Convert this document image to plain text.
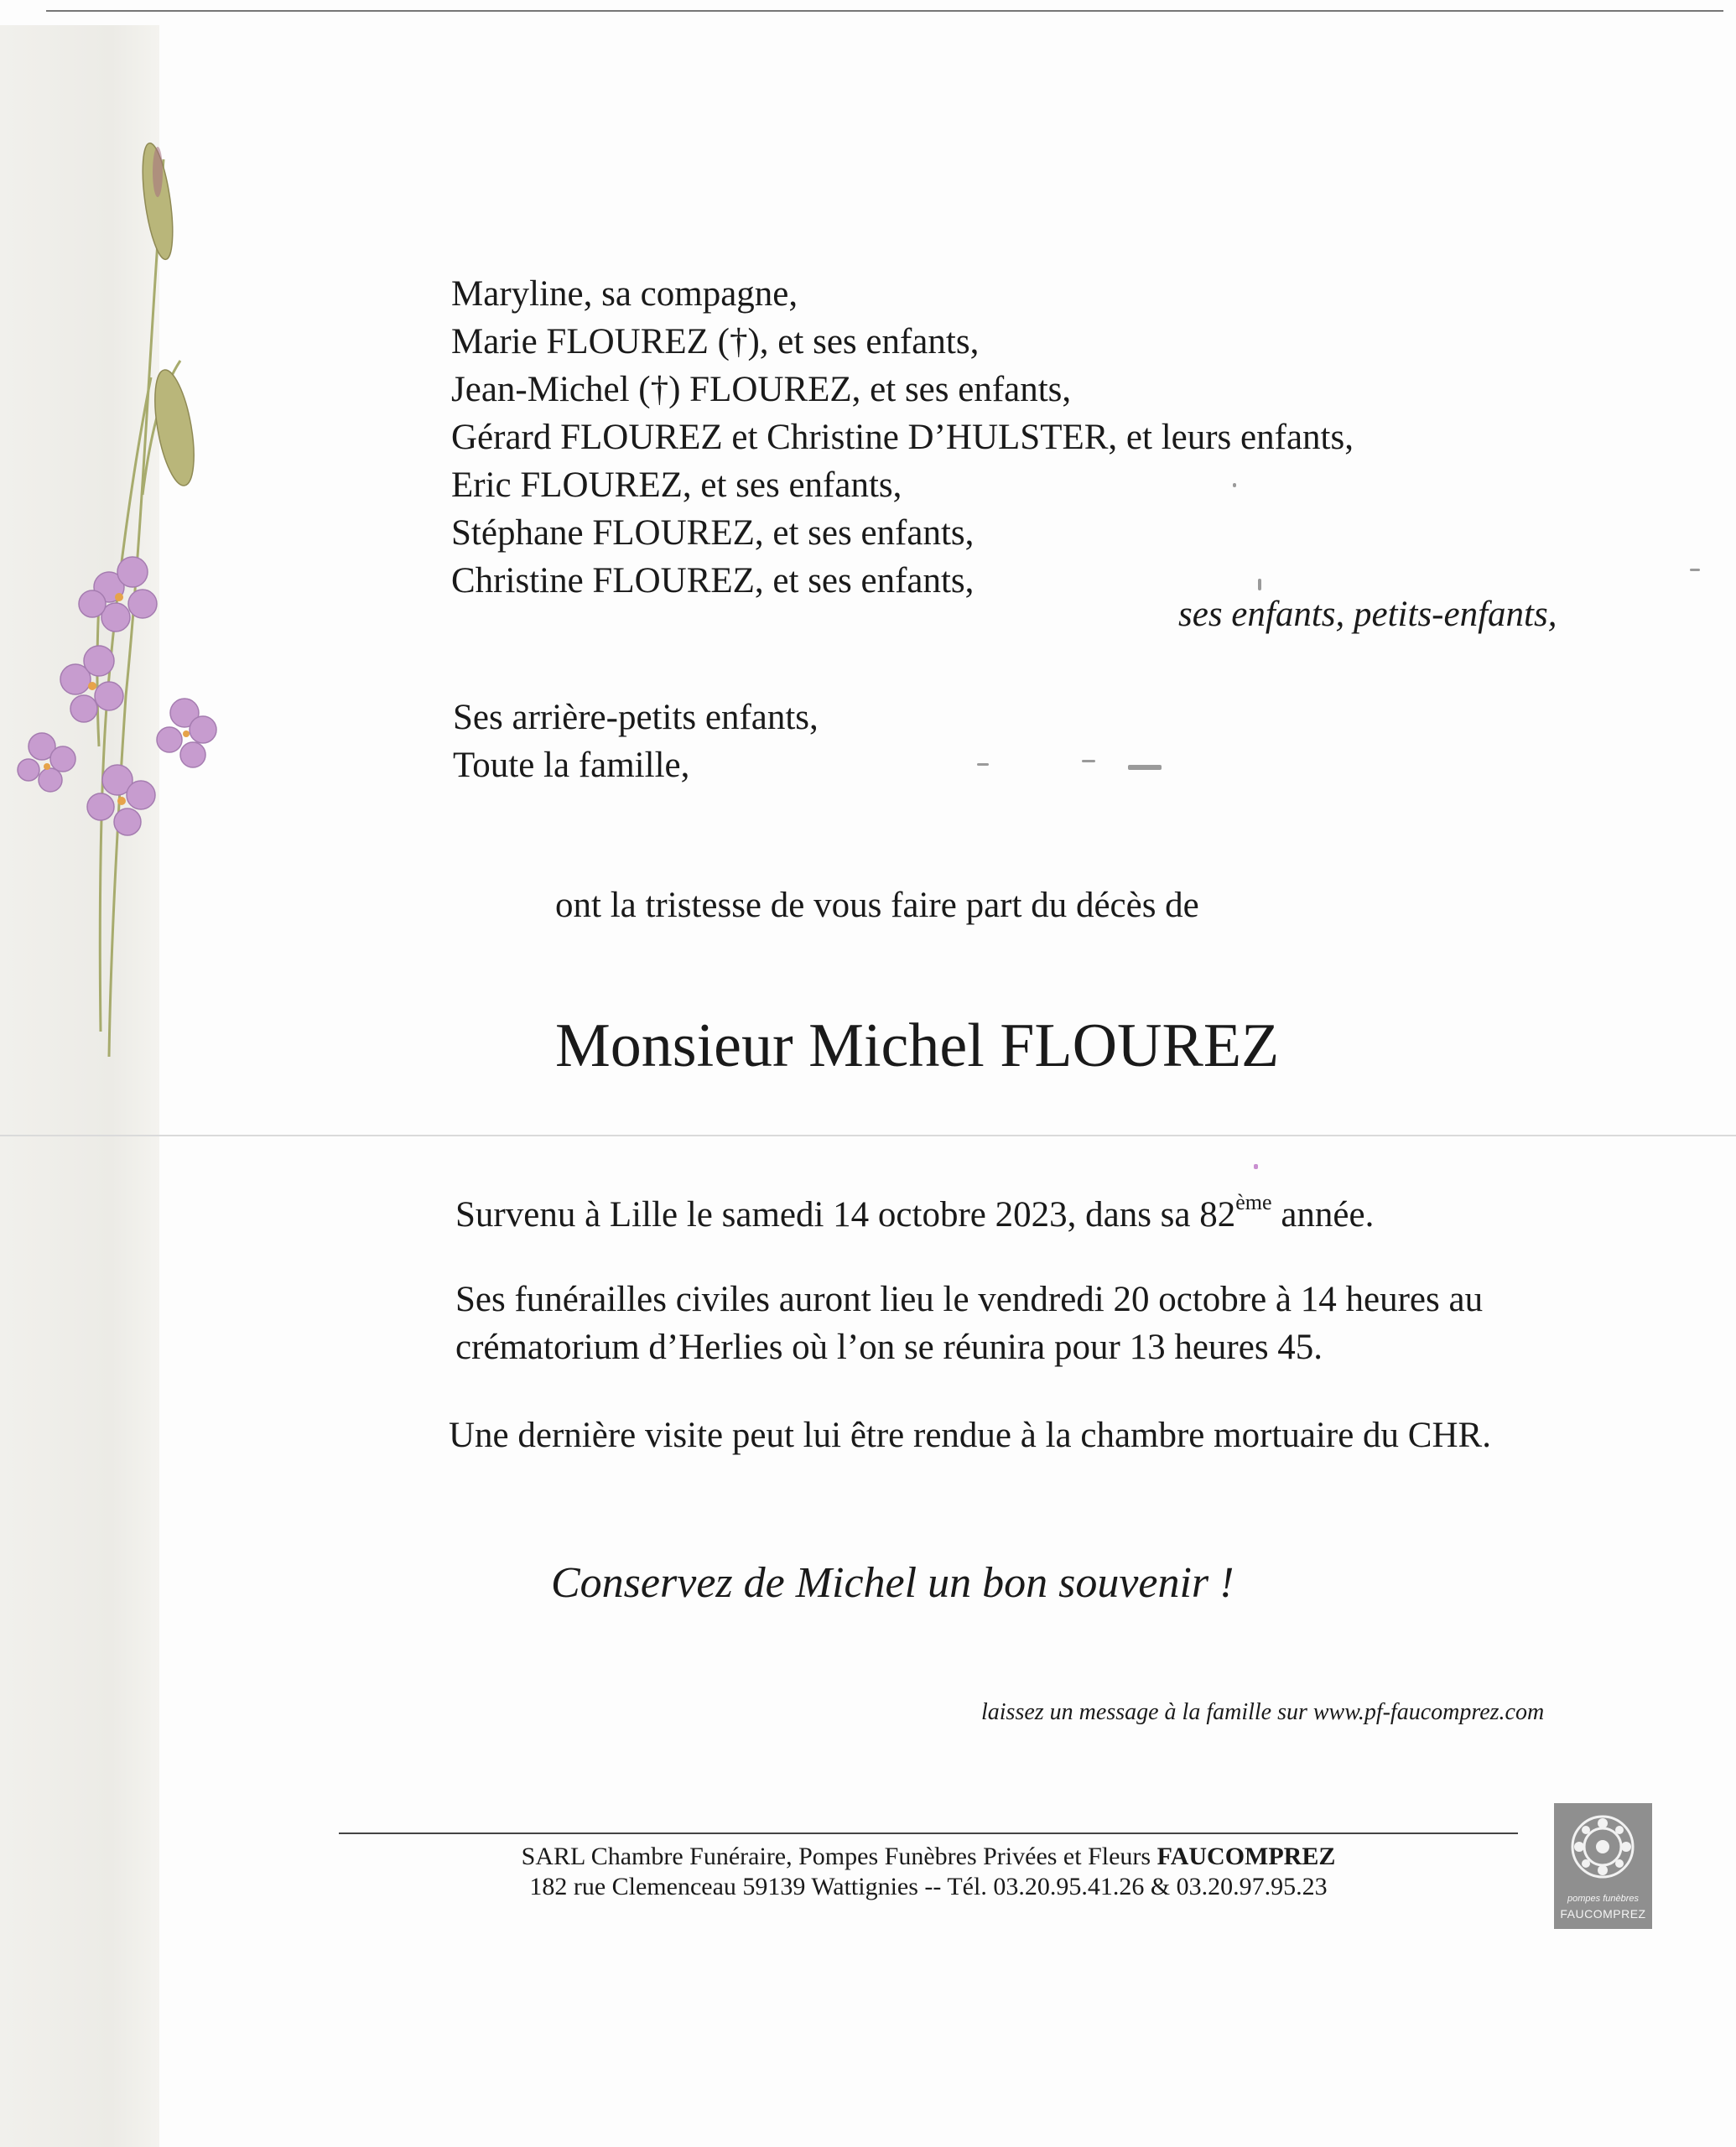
Maryline, sa compagne,
Marie FLOUREZ (†), et ses enfants,
Jean-Michel (†) FLOUREZ, et ses enfants,
Gérard FLOUREZ et Christine D’HULSTER, et leurs enfants,
Eric FLOUREZ, et ses enfants,
Stéphane FLOUREZ, et ses enfants,
Christine FLOUREZ, et ses enfants,
ses enfants, petits-enfants,
Ses arrière-petits enfants,
Toute la famille,
ont la tristesse de vous faire part du décès de
Monsieur Michel FLOUREZ
Survenu à Lille le samedi 14 octobre 2023, dans sa 82ème année.
Ses funérailles civiles auront lieu le vendredi 20 octobre à 14 heures au
crématorium d’Herlies où l’on se réunira pour 13 heures 45.
Une dernière visite peut lui être rendue à la chambre mortuaire du CHR.
Conservez de Michel un bon souvenir !
laissez un message à la famille sur www.pf-faucomprez.com
SARL Chambre Funéraire, Pompes Funèbres Privées et Fleurs FAUCOMPREZ
182 rue Clemenceau 59139 Wattignies -- Tél. 03.20.95.41.26 & 03.20.97.95.23	pompes funèbres
FAUCOMPREZ
